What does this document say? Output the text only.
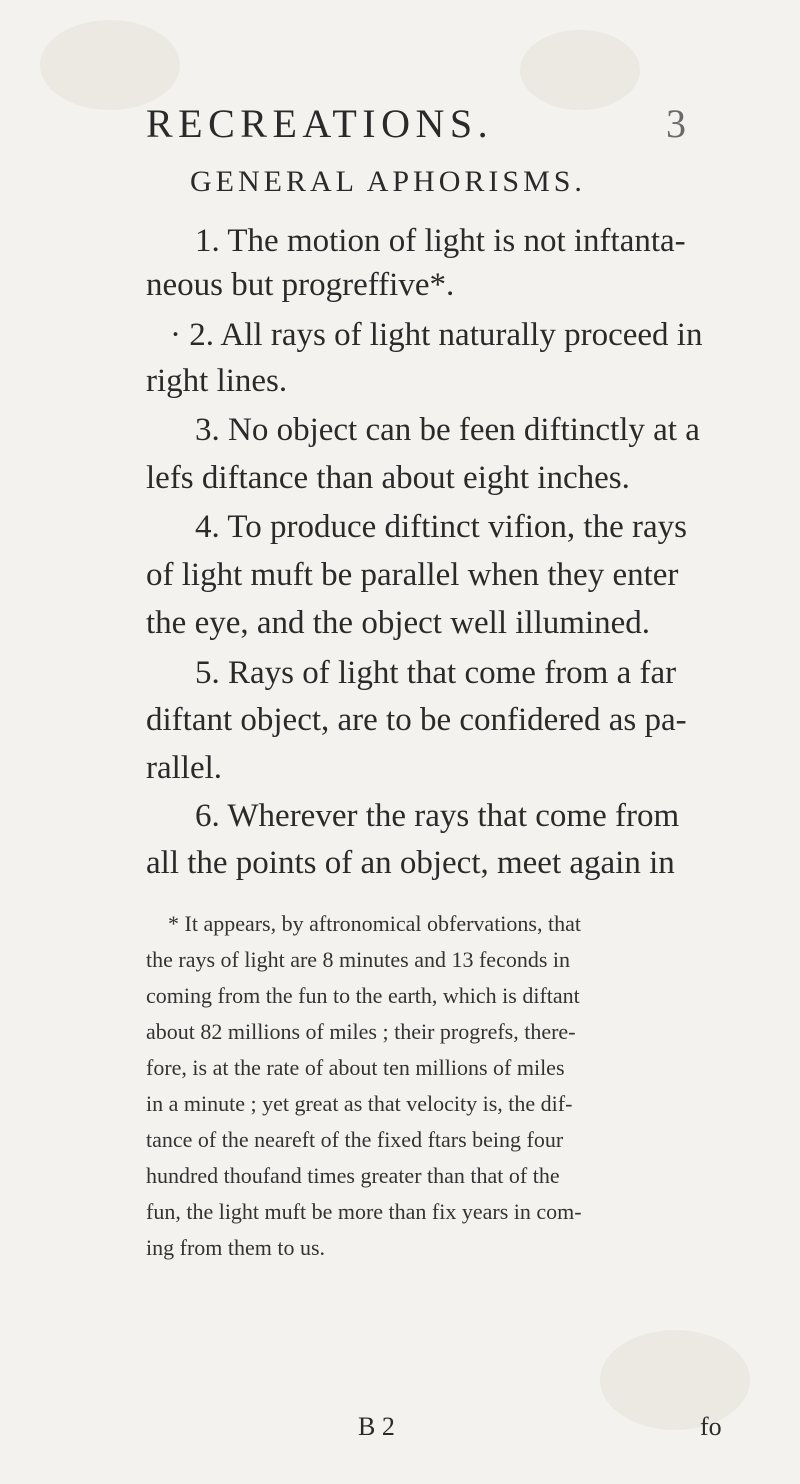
RECREATIONS.	3
GENERAL APHORISMS.
1. The motion of light is not inftanta-
neous but progreffive*.
· 2. All rays of light naturally proceed in
right lines.
3. No object can be feen diftinctly at a
lefs diftance than about eight inches.
4. To produce diftinct vifion, the rays
of light muft be parallel when they enter
the eye, and the object well illumined.
5. Rays of light that come from a far
diftant object, are to be confidered as pa-
rallel.
6. Wherever the rays that come from
all the points of an object, meet again in
* It appears, by aftronomical obfervations, that
the rays of light are 8 minutes and 13 feconds in
coming from the fun to the earth, which is diftant
about 82 millions of miles ; their progrefs, there-
fore, is at the rate of about ten millions of miles
in a minute ; yet great as that velocity is, the dif-
tance of the neareft of the fixed ftars being four
hundred thoufand times greater than that of the
fun, the light muft be more than fix years in com-
ing from them to us.
B 2	fo
